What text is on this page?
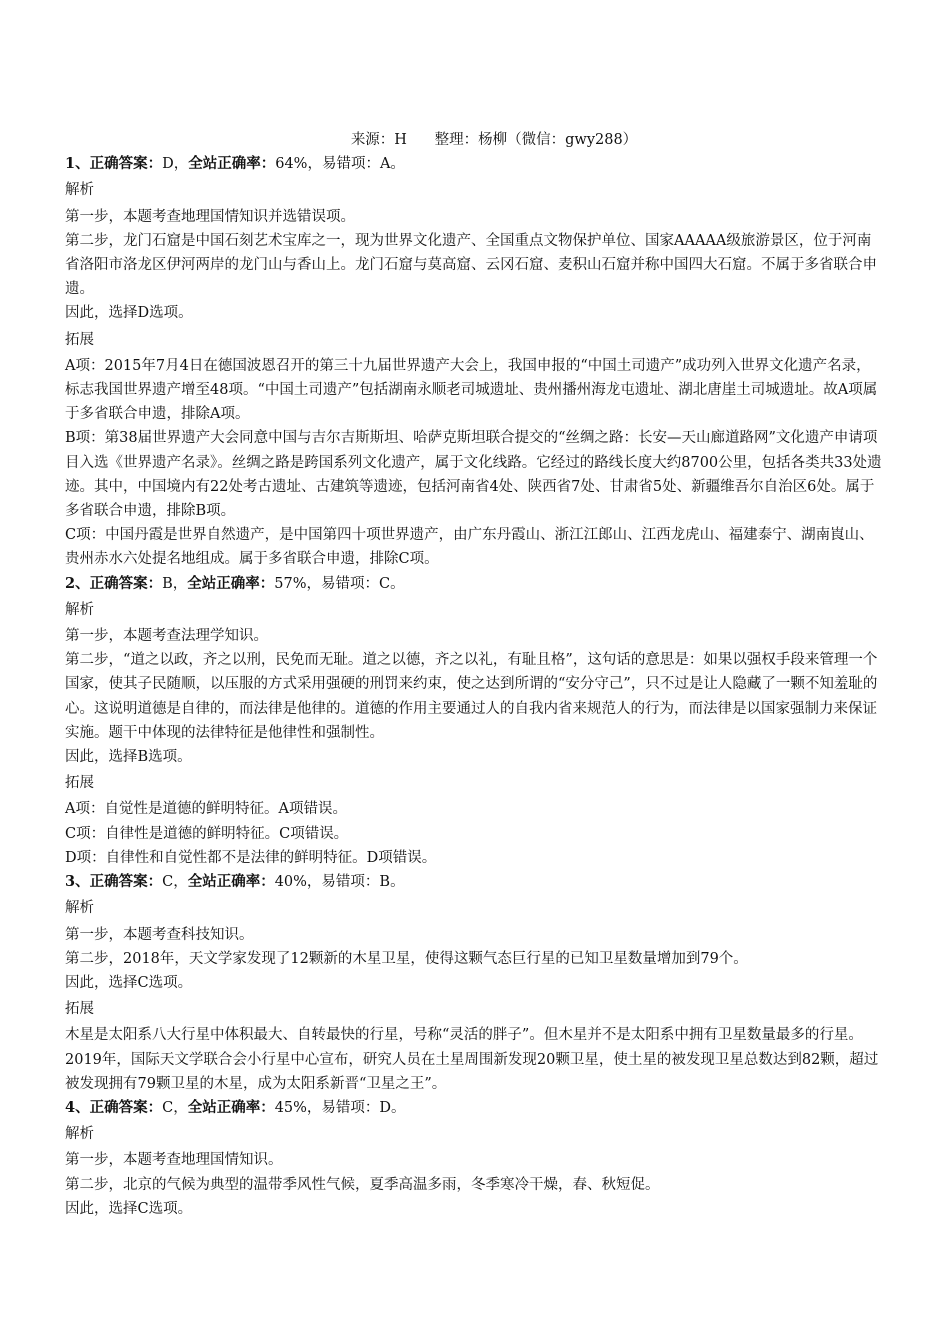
来源：H 整理：杨柳（微信：gwy288）

1、正确答案：D，全站正确率：64%，易错项：A。

解析

第一步，本题考查地理国情知识并选错误项。

第二步，龙门石窟是中国石刻艺术宝库之一，现为世界文化遗产、全国重点文物保护单位、国家AAAAA级旅游景区，位于河南省洛阳市洛龙区伊河两岸的龙门山与香山上。龙门石窟与莫高窟、云冈石窟、麦积山石窟并称中国四大石窟。不属于多省联合申遗。

因此，选择D选项。

拓展

A项：2015年7月4日在德国波恩召开的第三十九届世界遗产大会上，我国申报的“中国土司遗产”成功列入世界文化遗产名录，标志我国世界遗产增至48项。“中国土司遗产”包括湖南永顺老司城遗址、贵州播州海龙屯遗址、湖北唐崖土司城遗址。故A项属于多省联合申遗，排除A项。

B项：第38届世界遗产大会同意中国与吉尔吉斯斯坦、哈萨克斯坦联合提交的“丝绸之路：长安—天山廊道路网”文化遗产申请项目入选《世界遗产名录》。丝绸之路是跨国系列文化遗产，属于文化线路。它经过的路线长度大约8700公里，包括各类共33处遗迹。其中，中国境内有22处考古遗址、古建筑等遗迹，包括河南省4处、陕西省7处、甘肃省5处、新疆维吾尔自治区6处。属于多省联合申遗，排除B项。

C项：中国丹霞是世界自然遗产，是中国第四十项世界遗产，由广东丹霞山、浙江江郎山、江西龙虎山、福建泰宁、湖南崀山、贵州赤水六处提名地组成。属于多省联合申遗，排除C项。

2、正确答案：B，全站正确率：57%，易错项：C。

解析

第一步，本题考查法理学知识。

第二步，“道之以政，齐之以刑，民免而无耻。道之以德，齐之以礼，有耻且格”，这句话的意思是：如果以强权手段来管理一个国家，使其子民随顺，以压服的方式采用强硬的刑罚来约束，使之达到所谓的“安分守己”，只不过是让人隐藏了一颗不知羞耻的心。这说明道德是自律的，而法律是他律的。道德的作用主要通过人的自我内省来规范人的行为，而法律是以国家强制力来保证实施。题干中体现的法律特征是他律性和强制性。

因此，选择B选项。

拓展

A项：自觉性是道德的鲜明特征。A项错误。

C项：自律性是道德的鲜明特征。C项错误。

D项：自律性和自觉性都不是法律的鲜明特征。D项错误。

3、正确答案：C，全站正确率：40%，易错项：B。

解析

第一步，本题考查科技知识。

第二步，2018年，天文学家发现了12颗新的木星卫星，使得这颗气态巨行星的已知卫星数量增加到79个。

因此，选择C选项。

拓展

木星是太阳系八大行星中体积最大、自转最快的行星，号称“灵活的胖子”。但木星并不是太阳系中拥有卫星数量最多的行星。2019年，国际天文学联合会小行星中心宣布，研究人员在土星周围新发现20颗卫星，使土星的被发现卫星总数达到82颗，超过被发现拥有79颗卫星的木星，成为太阳系新晋“卫星之王”。

4、正确答案：C，全站正确率：45%，易错项：D。

解析

第一步，本题考查地理国情知识。

第二步，北京的气候为典型的温带季风性气候，夏季高温多雨，冬季寒冷干燥，春、秋短促。

因此，选择C选项。
